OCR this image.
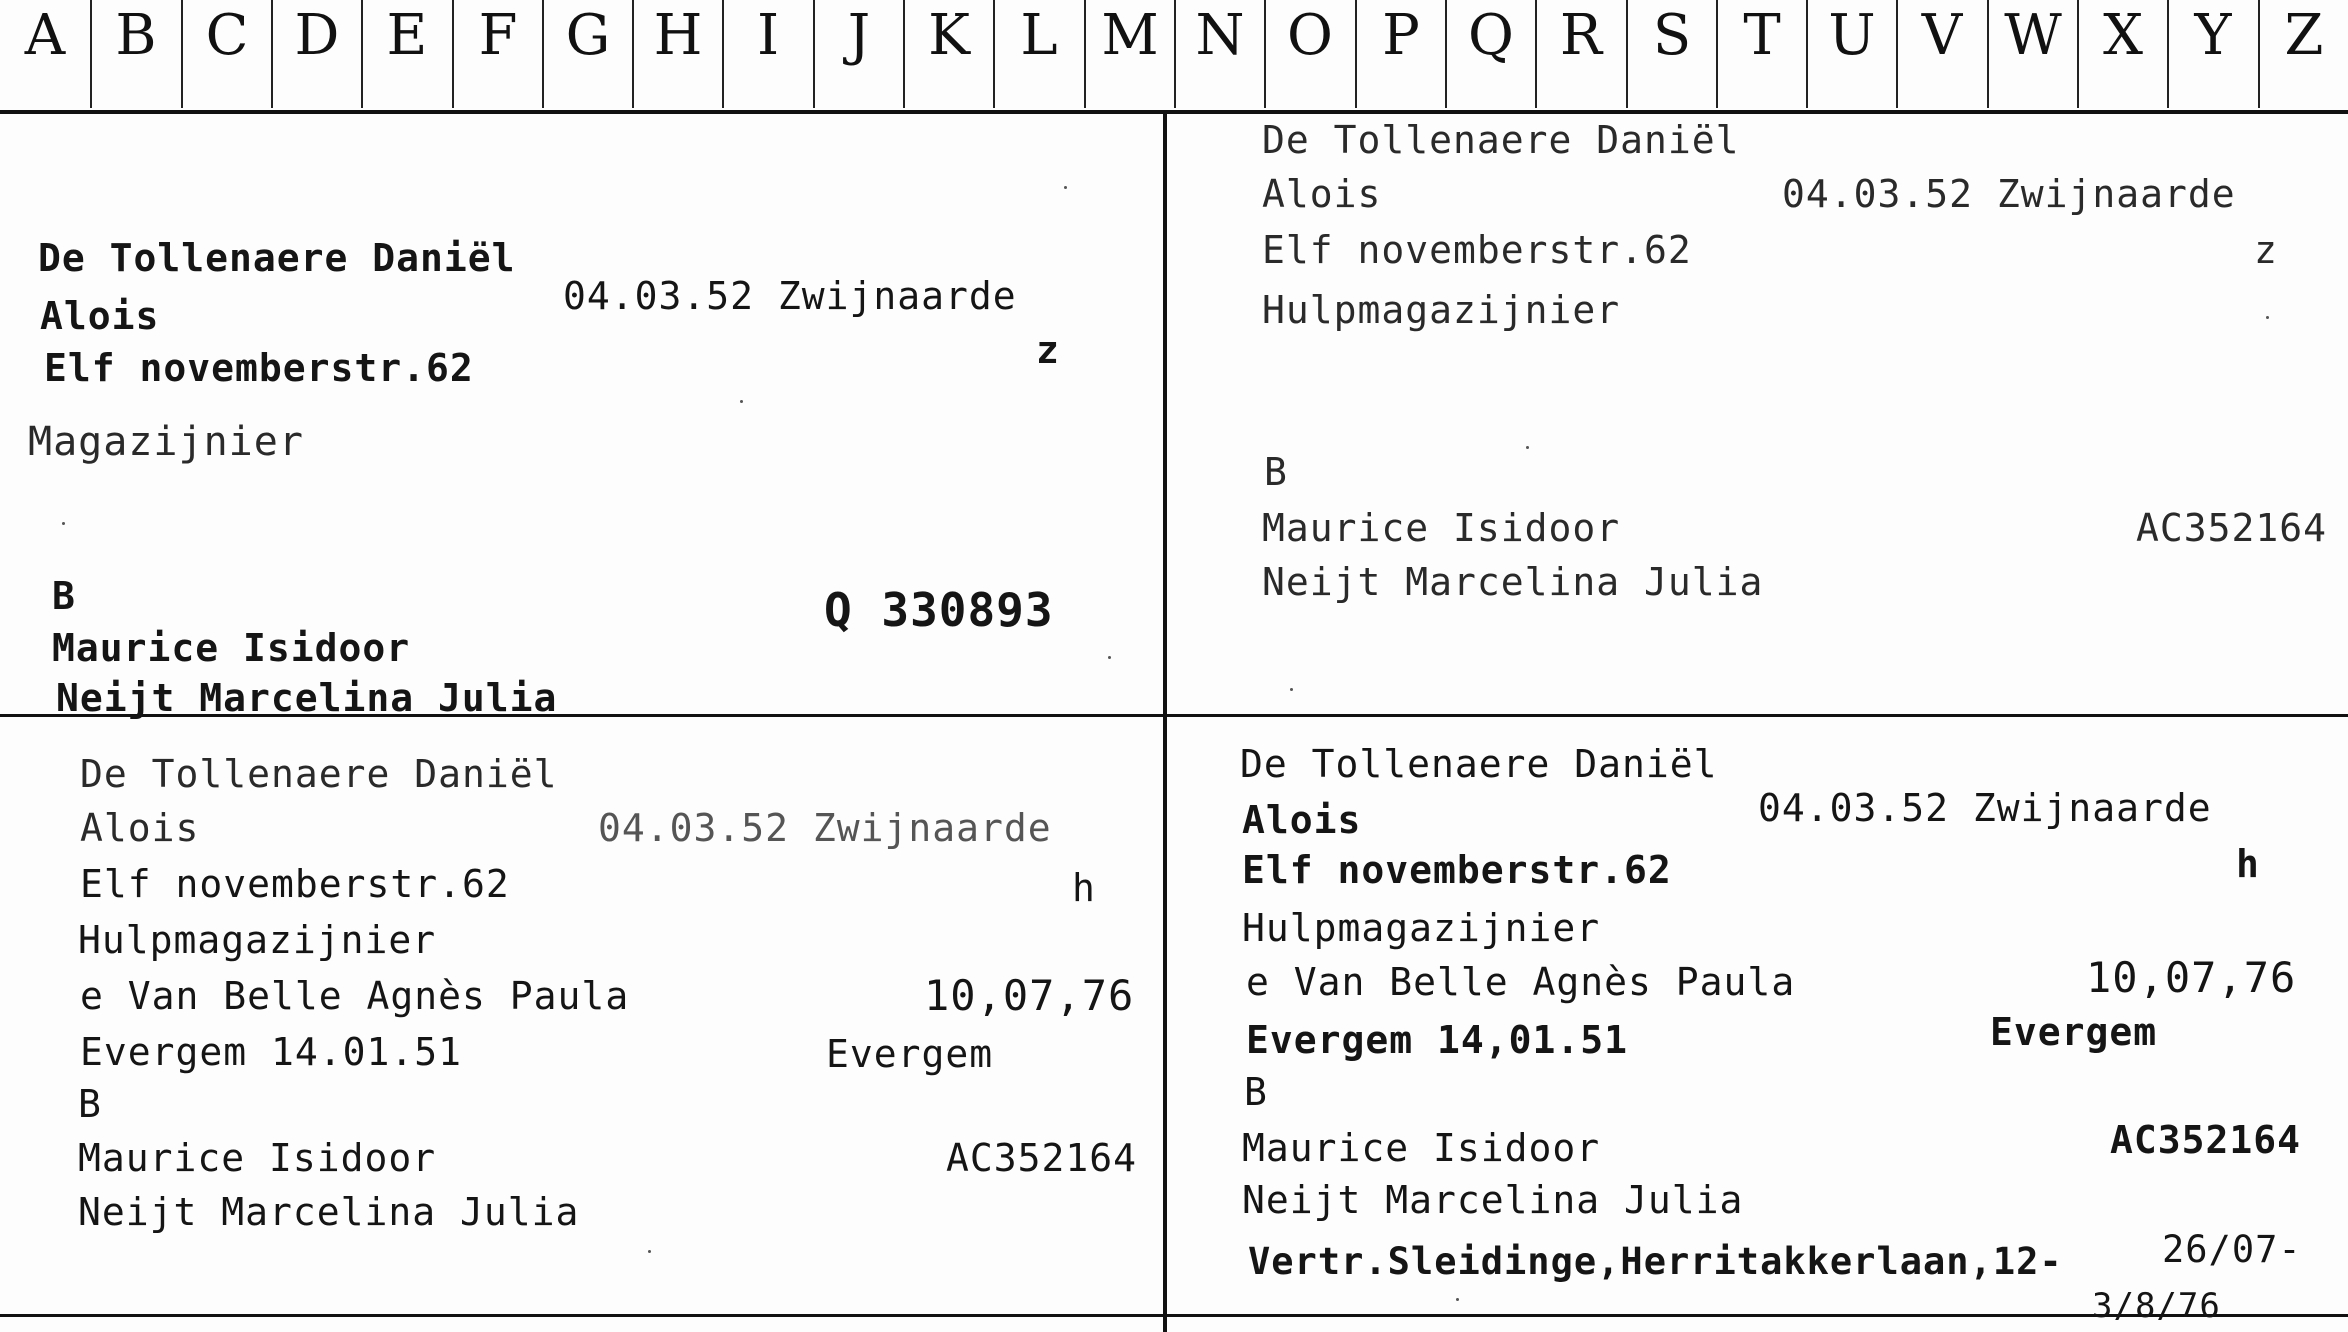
A B C D E F G H I	J	K L M N O P Q R S T U V W X Y Z
De Tollenaere Daniël
Alois	04.03.52 Zwijnaarde
Elf novemberstr.62	z
Magazijnier
B
Maurice Isidoor
Neijt Marcelina Julia
Q 330893
De Tollenaere Daniël
Alois	04.03.52 Zwijnaarde
Elf novemberstr.62	z
Hulpmagazijnier
B
Maurice Isidoor	AC352164
Neijt Marcelina Julia
De Tollenaere Daniël
Alois	04.03.52 Zwijnaarde
Elf novemberstr.62	h
Hulpmagazijnier
e Van Belle Agnès Paula	10,07,76
Evergem 14.01.51	Evergem
B
Maurice Isidoor	AC352164
Neijt Marcelina Julia
De Tollenaere Daniël
Alois	04.03.52 Zwijnaarde
Elf novemberstr.62	h
Hulpmagazijnier
e Van Belle Agnès Paula	10,07,76
Evergem 14,01.51	Evergem
B
Maurice Isidoor	AC352164
Neijt Marcelina Julia
Vertr.Sleidinge,Herritakkerlaan,12-	26/07-
3/8/76
